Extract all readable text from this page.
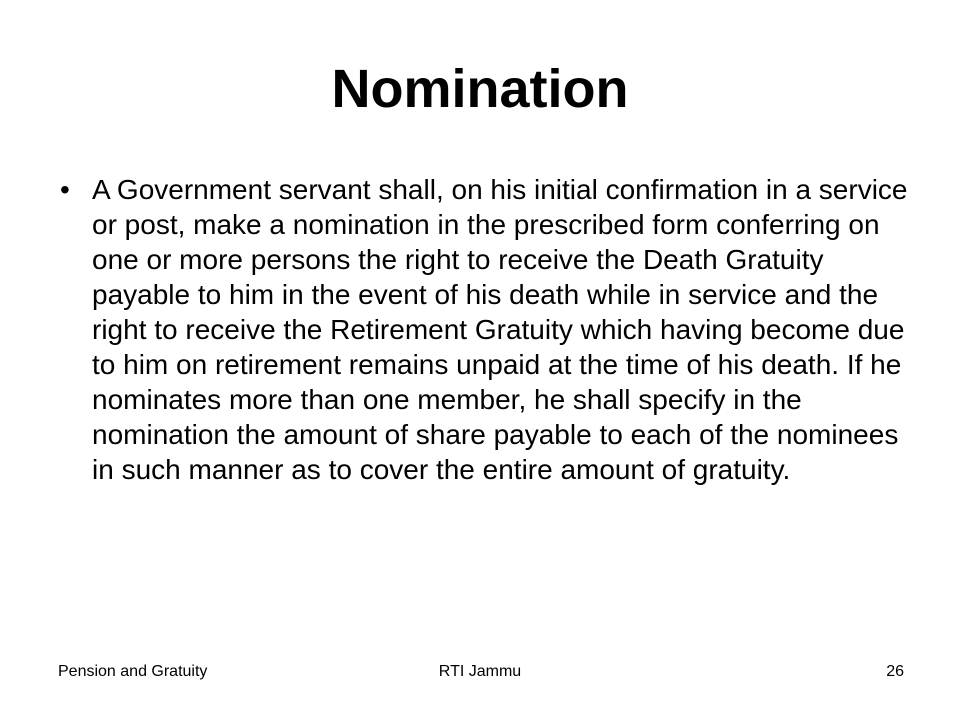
Nomination
• A Government servant shall, on his initial confirmation in a service or post, make a nomination in the prescribed form conferring on one or more persons the right to receive the Death Gratuity payable to him in the event of his death while in service and the right to receive the Retirement Gratuity which having become due to him on retirement remains unpaid at the time of his death. If he nominates more than one member, he shall specify in the nomination the amount of share payable to each of the nominees in such manner as to cover the entire amount of gratuity.
Pension and Gratuity	RTI Jammu	26
